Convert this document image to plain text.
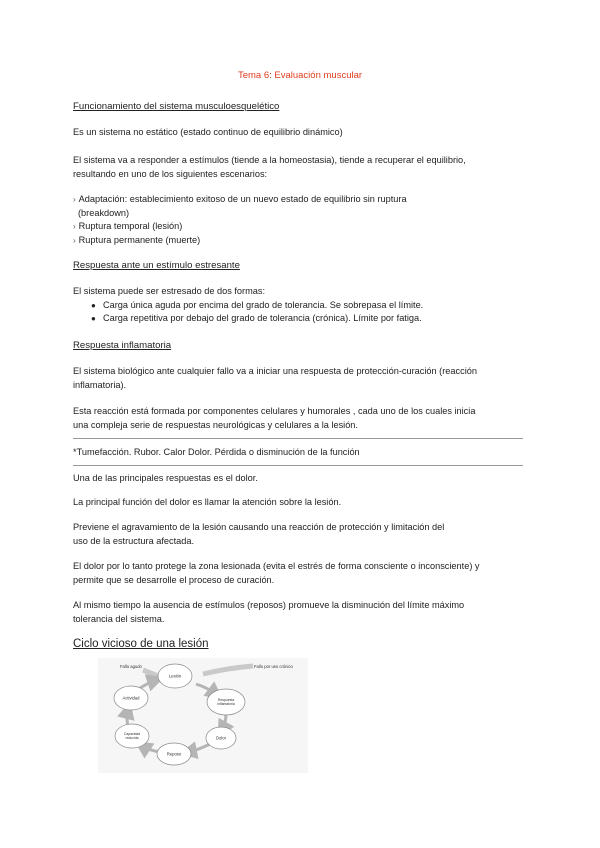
Tema 6: Evaluación muscular
Funcionamiento del sistema musculoesquelético
Es un sistema no estático (estado continuo de equilibrio dinámico)
El sistema va a responder a estímulos (tiende a la homeostasia), tiende a recuperar el equilibrio,
resultando en uno de los siguientes escenarios:
› Adaptación: establecimiento exitoso de un nuevo estado de equilibrio sin ruptura
(breakdown)
› Ruptura temporal (lesión)
› Ruptura permanente (muerte)
Respuesta ante un estímulo estresante
El sistema puede ser estresado de dos formas:
● Carga única aguda por encima del grado de tolerancia. Se sobrepasa el límite.
● Carga repetitiva por debajo del grado de tolerancia (crónica). Límite por fatiga.
Respuesta inflamatoria
El sistema biológico ante cualquier fallo va a iniciar una respuesta de protección-curación (reacción
inflamatoria).
Esta reacción está formada por componentes celulares y humorales , cada uno de los cuales inicia
una compleja serie de respuestas neurológicas y celulares a la lesión.
*Tumefacción. Rubor. Calor Dolor. Pérdida o disminución de la función
Una de las principales respuestas es el dolor.
La principal función del dolor es llamar la atención sobre la lesión.
Previene el agravamiento de la lesión causando una reacción de protección y limitación del
uso de la estructura afectada.
El dolor por lo tanto protege la zona lesionada (evita el estrés de forma consciente o inconsciente) y
permite que se desarrolle el proceso de curación.
Al mismo tiempo la ausencia de estímulos (reposos) promueve la disminución del límite máximo
tolerancia del sistema.
Ciclo vicioso de una lesión
Fallo agudo	Fallo por uso crónico
Lesión
Respuesta
inflamatoria
Dolor
Reposo
Capacidad
reducida
Actividad
